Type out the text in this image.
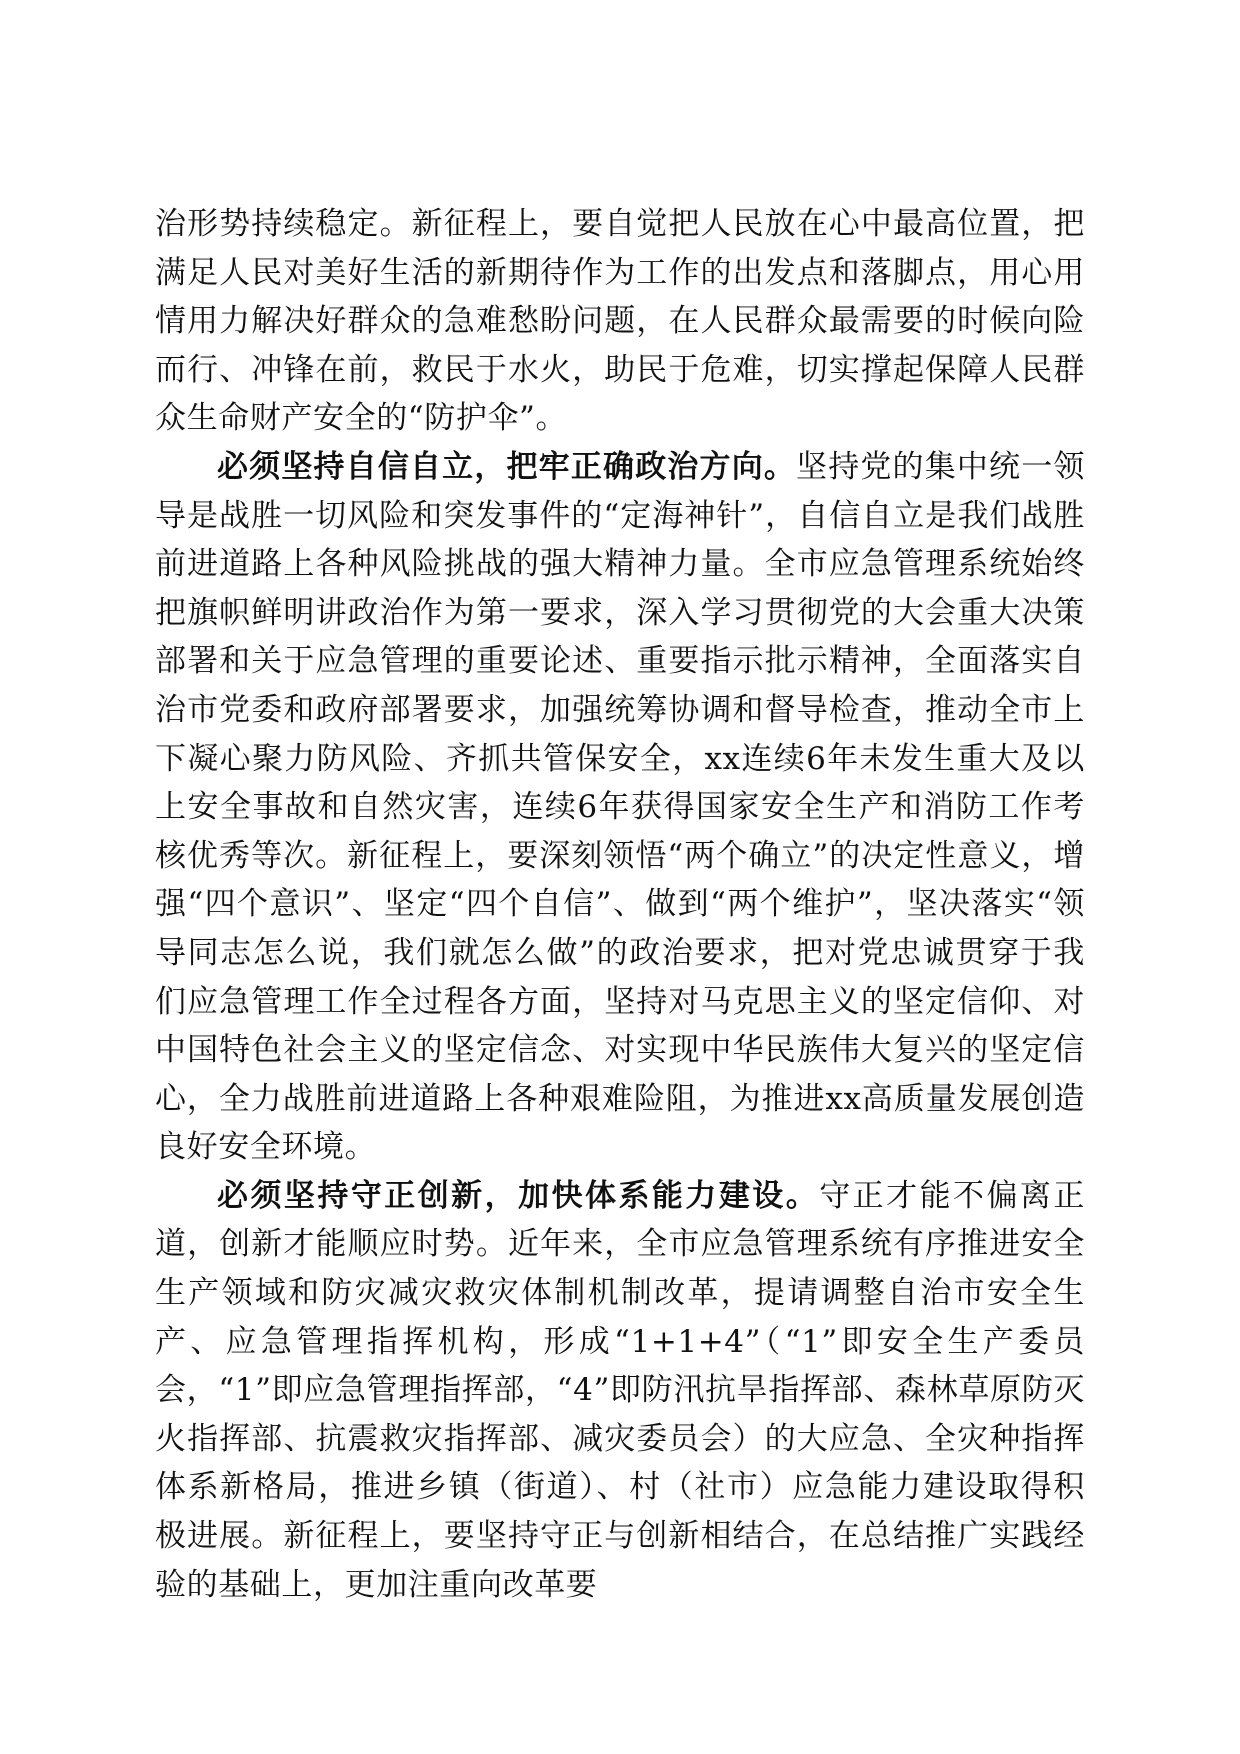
治形势持续稳定。新征程上，要自觉把人民放在心中最高位置，把满足人民对美好生活的新期待作为工作的出发点和落脚点，用心用情用力解决好群众的急难愁盼问题，在人民群众最需要的时候向险而行、冲锋在前，救民于水火，助民于危难，切实撑起保障人民群众生命财产安全的“防护伞”。

必须坚持自信自立，把牢正确政治方向。坚持党的集中统一领导是战胜一切风险和突发事件的“定海神针”，自信自立是我们战胜前进道路上各种风险挑战的强大精神力量。全市应急管理系统始终把旗帜鲜明讲政治作为第一要求，深入学习贯彻党的大会重大决策部署和关于应急管理的重要论述、重要指示批示精神，全面落实自治市党委和政府部署要求，加强统筹协调和督导检查，推动全市上下凝心聚力防风险、齐抓共管保安全，xx连续6年未发生重大及以上安全事故和自然灾害，连续6年获得国家安全生产和消防工作考核优秀等次。新征程上，要深刻领悟“两个确立”的决定性意义，增强“四个意识”、坚定“四个自信”、做到“两个维护”，坚决落实“领导同志怎么说，我们就怎么做”的政治要求，把对党忠诚贯穿于我们应急管理工作全过程各方面，坚持对马克思主义的坚定信仰、对中国特色社会主义的坚定信念、对实现中华民族伟大复兴的坚定信心，全力战胜前进道路上各种艰难险阻，为推进xx高质量发展创造良好安全环境。

必须坚持守正创新，加快体系能力建设。守正才能不偏离正道，创新才能顺应时势。近年来，全市应急管理系统有序推进安全生产领域和防灾减灾救灾体制机制改革，提请调整自治市安全生产、应急管理指挥机构，形成“1+1+4”（“1”即安全生产委员会，“1”即应急管理指挥部，“4”即防汛抗旱指挥部、森林草原防灭火指挥部、抗震救灾指挥部、减灾委员会）的大应急、全灾种指挥体系新格局，推进乡镇（街道）、村（社市）应急能力建设取得积极进展。新征程上，要坚持守正与创新相结合，在总结推广实践经验的基础上，更加注重向改革要
